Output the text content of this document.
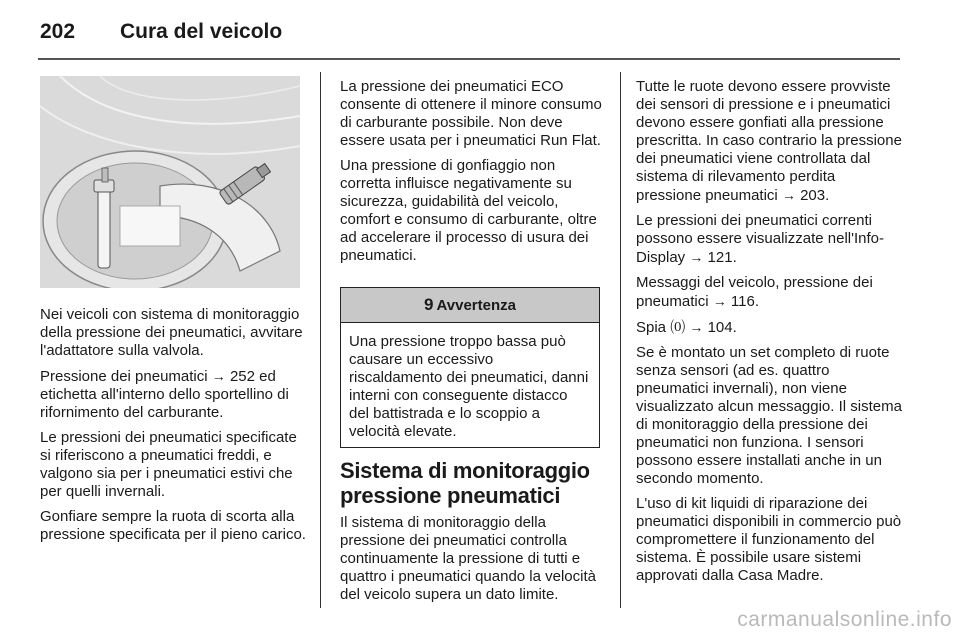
202 Cura del veicolo

Nei veicoli con sistema di monitoraggio della pressione dei pneumatici, avvitare l'adattatore sulla valvola.

Pressione dei pneumatici → 252 ed etichetta all'interno dello sportellino di rifornimento del carburante.

Le pressioni dei pneumatici specificate si riferiscono a pneumatici freddi, e valgono sia per i pneumatici estivi che per quelli invernali.

Gonfiare sempre la ruota di scorta alla pressione specificata per il pieno carico.

La pressione dei pneumatici ECO consente di ottenere il minore consumo di carburante possibile. Non deve essere usata per i pneumatici Run Flat.

Una pressione di gonfiaggio non corretta influisce negativamente su sicurezza, guidabilità del veicolo, comfort e consumo di carburante, oltre ad accelerare il processo di usura dei pneumatici.

9 Avvertenza
Una pressione troppo bassa può causare un eccessivo riscaldamento dei pneumatici, danni interni con conseguente distacco del battistrada e lo scoppio a velocità elevate.
Sistema di monitoraggio pressione pneumatici

Il sistema di monitoraggio della pressione dei pneumatici controlla continuamente la pressione di tutti e quattro i pneumatici quando la velocità del veicolo supera un dato limite.

Tutte le ruote devono essere provviste dei sensori di pressione e i pneumatici devono essere gonfiati alla pressione prescritta. In caso contrario la pressione dei pneumatici viene controllata dal sistema di rilevamento perdita pressione pneumatici → 203.

Le pressioni dei pneumatici correnti possono essere visualizzate nell'Info-Display → 121.

Messaggi del veicolo, pressione dei pneumatici → 116.

Spia ⒪ → 104.

Se è montato un set completo di ruote senza sensori (ad es. quattro pneumatici invernali), non viene visualizzato alcun messaggio. Il sistema di monitoraggio della pressione dei pneumatici non funziona. I sensori possono essere installati anche in un secondo momento.

L'uso di kit liquidi di riparazione dei pneumatici disponibili in commercio può compromettere il funzionamento del sistema. È possibile usare sistemi approvati dalla Casa Madre.

carmanualsonline.info
